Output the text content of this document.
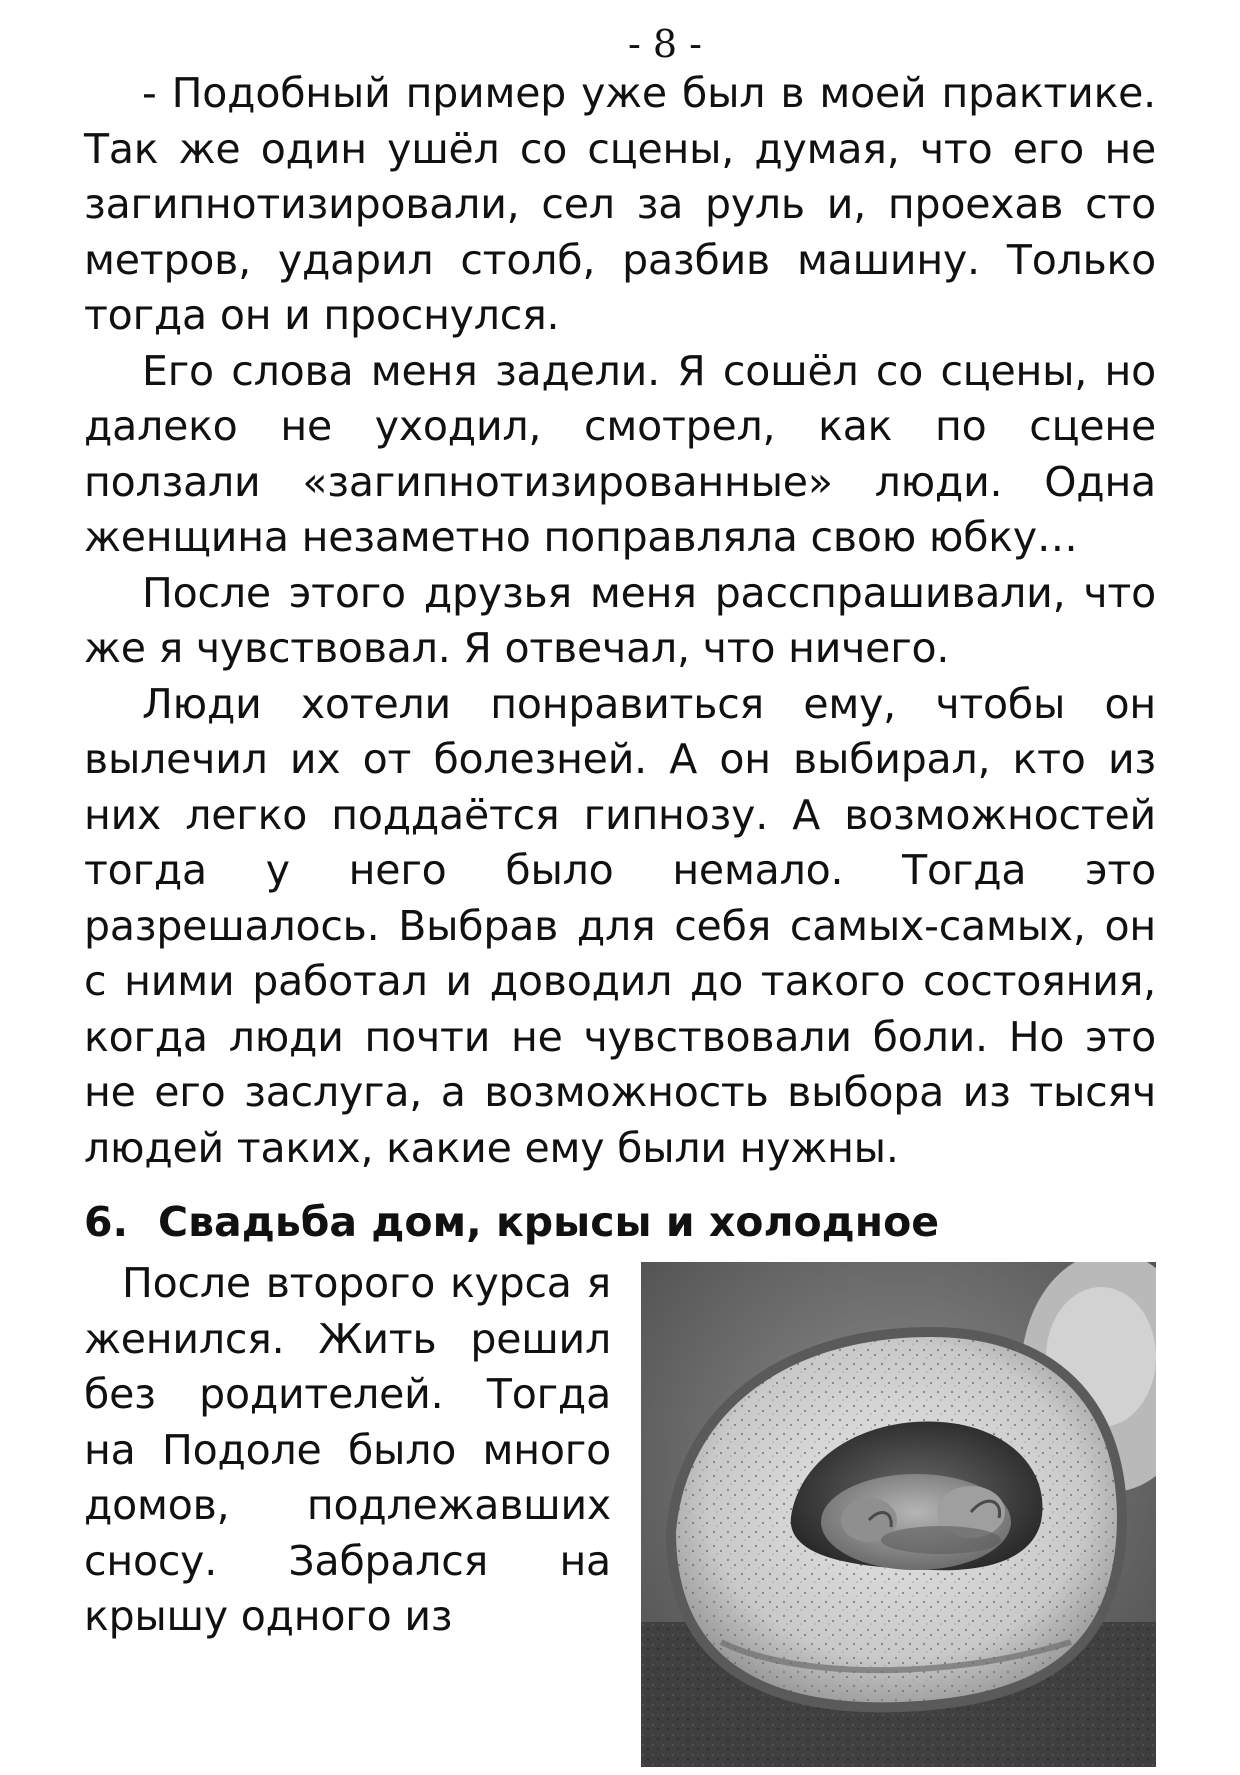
- 8 -

- Подобный пример уже был в моей практике. Так же один ушёл со сцены, думая, что его не загипнотизировали, сел за руль и, проехав сто метров, ударил столб, разбив машину. Только тогда он и проснулся.

Его слова меня задели. Я сошёл со сцены, но далеко не уходил, смотрел, как по сцене ползали «загипнотизированные» люди. Одна женщина незаметно поправляла свою юбку…

После этого друзья меня расспрашивали, что же я чувствовал. Я отвечал, что ничего.

Люди хотели понравиться ему, чтобы он вылечил их от болезней. А он выбирал, кто из них легко поддаётся гипнозу. А возможностей тогда у него было немало. Тогда это разрешалось. Выбрав для себя самых-самых, он с ними работал и доводил до такого состояния, когда люди почти не чувствовали боли. Но это не его заслуга, а возможность выбора из тысяч людей таких, какие ему были нужны.

6. Свадьба дом, крысы и холодное

После второго курса я женился. Жить решил без родителей. Тогда на Подоле было много домов, подлежавших сносу. Забрался на крышу одного из
